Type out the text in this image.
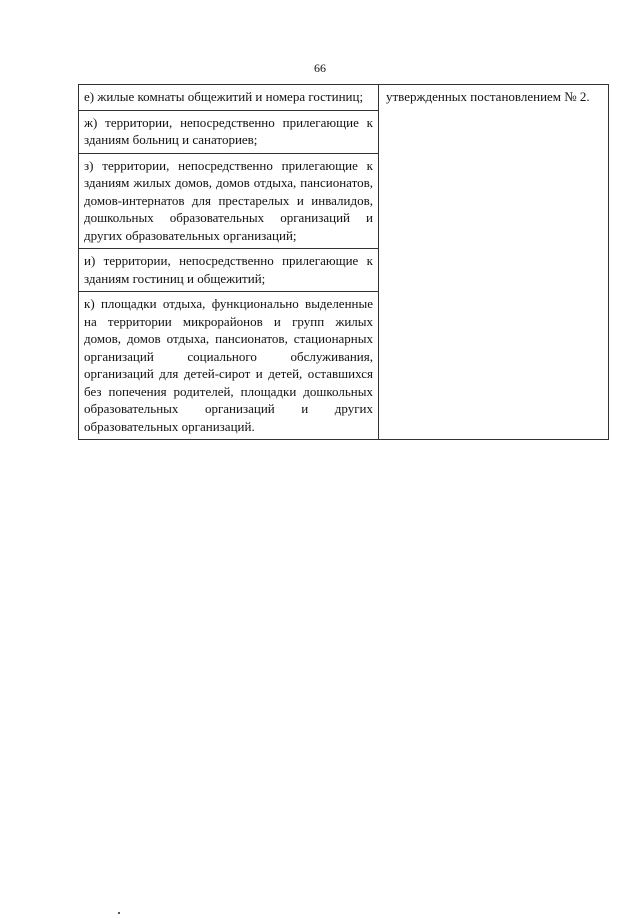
66
е) жилые комнаты общежитий и номера гостиниц;
ж) территории, непосредственно прилегающие к зданиям больниц и санаториев;
з) территории, непосредственно прилегающие к зданиям жилых домов, домов отдыха, пансионатов, домов-интернатов для престарелых и инвалидов, дошкольных образовательных организаций и других образовательных организаций;
и) территории, непосредственно прилегающие к зданиям гостиниц и общежитий;
к) площадки отдыха, функционально выделенные на территории микрорайонов и групп жилых домов, домов отдыха, пансионатов, стационарных организаций социального обслуживания, организаций для детей-сирот и детей, оставшихся без попечения родителей, площадки дошкольных образовательных организаций и других образовательных организаций.

утвержденных постановлением № 2.
